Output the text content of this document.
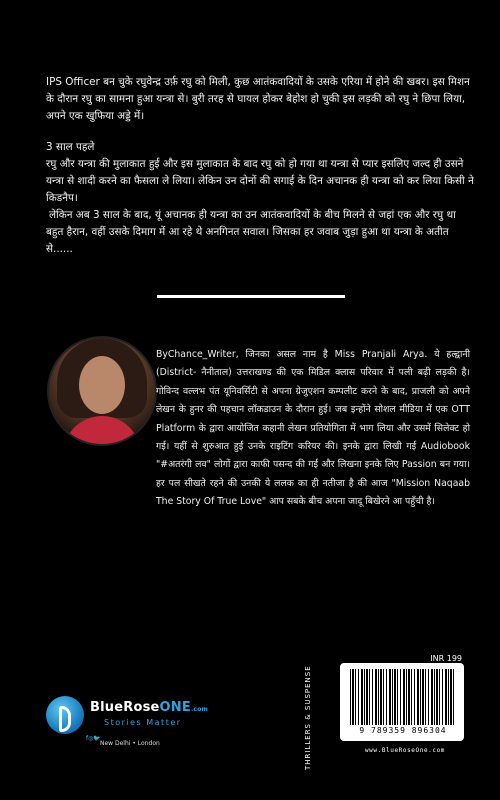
IPS Officer बन चुके रघुवेन्द्र उर्फ़ रघु को मिली, कुछ आतंकवादियों के उसके एरिया में होने की खबर। इस मिशन के दौरान रघु का सामना हुआ यन्त्रा से। बुरी तरह से घायल होकर बेहोश हो चुकी इस लड़की को रघु ने छिपा लिया, अपने एक खुफिया अड्डे में।

3 साल पहले

रघु और यन्त्रा की मुलाकात हुई और इस मुलाकात के बाद रघु को हो गया था यन्त्रा से प्यार इसलिए जल्द ही उसने यन्त्रा से शादी करने का फैसला ले लिया। लेकिन उन दोनों की सगाई के दिन अचानक ही यन्त्रा को कर लिया किसी ने किडनैप।

लेकिन अब 3 साल के बाद, यूं अचानक ही यन्त्रा का उन आतंकवादियों के बीच मिलने से जहां एक और रघु था बहुत हैरान, वहीं उसके दिमाग में आ रहे थे अनगिनत सवाल। जिसका हर जवाब जुड़ा हुआ था यन्त्रा के अतीत से......

ByChance_Writer, जिनका असल नाम है Miss Pranjali Arya. ये हल्द्वानी (District- नैनीताल) उत्तराखण्ड की एक मिडिल क्लास परिवार में पली बढ़ी लड़की है। गोविन्द वल्लभ पंत यूनिवर्सिटी से अपना ग्रेजुएशन कम्पलीट करने के बाद, प्राजली को अपने लेखन के हुनर की पहचान लॉकडाउन के दौरान हुई। जब इन्होंने सोशल मीडिया में एक OTT Platform के द्वारा आयोजित कहानी लेखन प्रतियोगिता में भाग लिया और उसमें सिलेक्ट हो गई। यहीं से शुरुआत हुई उनके राइटिंग करियर की। इनके द्वारा लिखी गई Audiobook "#अतरंगी लव" लोगों द्वारा काफी पसन्द की गई और लिखना इनके लिए Passion बन गया। हर पल सीखते रहने की उनकी ये ललक का ही नतीजा है की आज "Mission Naqaab The Story Of True Love" आप सबके बीच अपना जादू बिखेरने आ पहुँची है।

INR 199
BlueRoseONE.com
Stories Matter
New Delhi • London
f◎🐦	THRILLERS & SUSPENSE	9 789359 896304
www.BlueRoseOne.com
